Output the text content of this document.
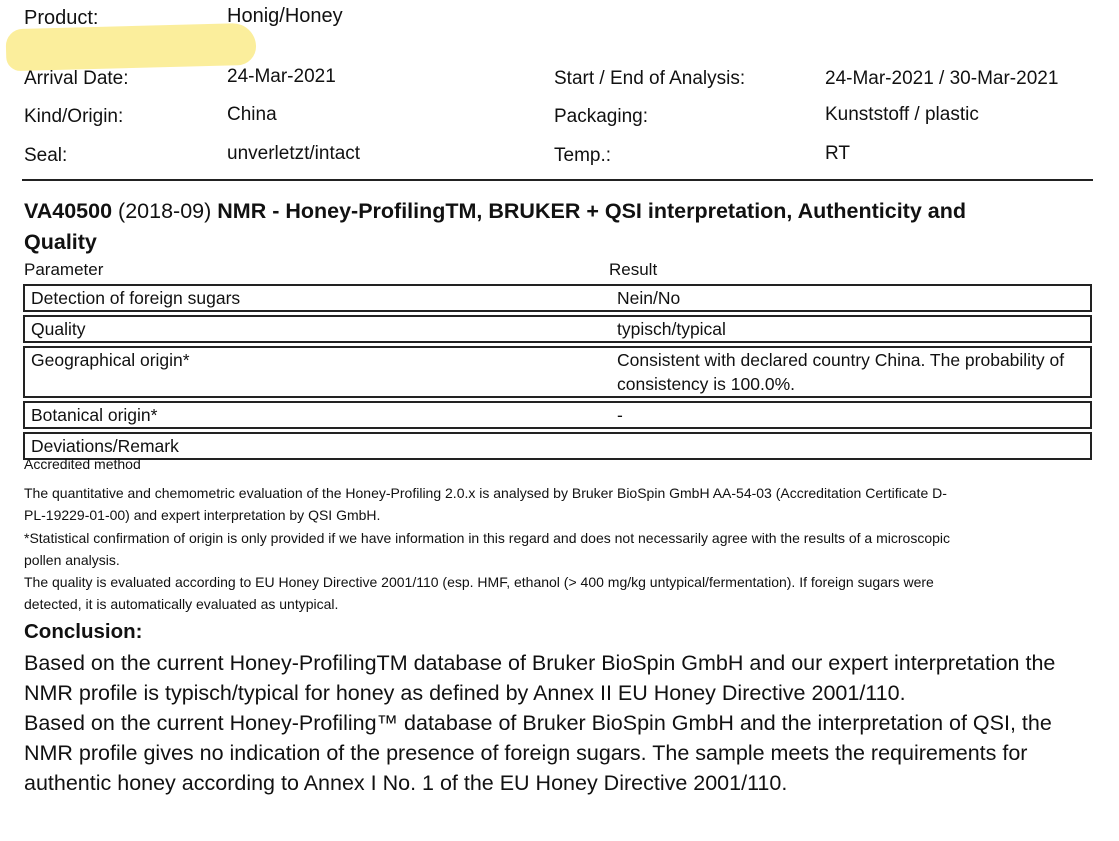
Product:	Honig/Honey
Arrival Date:	24-Mar-2021
Kind/Origin:	China
Seal:	unverletzt/intact
Start / End of Analysis:	24-Mar-2021 / 30-Mar-2021
Packaging:	Kunststoff / plastic
Temp.:	RT
VA40500 (2018-09) NMR - Honey-ProfilingTM, BRUKER + QSI interpretation, Authenticity and Quality
Parameter	Result
Detection of foreign sugars	Nein/No
Quality	typisch/typical
Geographical origin*	Consistent with declared country China. The probability of consistency is 100.0%.
Botanical origin*	-
Deviations/Remark	
Accredited method

The quantitative and chemometric evaluation of the Honey-Profiling 2.0.x is analysed by Bruker BioSpin GmbH AA-54-03 (Accreditation Certificate D-PL-19229-01-00) and expert interpretation by QSI GmbH.

*Statistical confirmation of origin is only provided if we have information in this regard and does not necessarily agree with the results of a microscopic pollen analysis.

The quality is evaluated according to EU Honey Directive 2001/110 (esp. HMF, ethanol (> 400 mg/kg untypical/fermentation). If foreign sugars were detected, it is automatically evaluated as untypical.

Conclusion:

Based on the current Honey-ProfilingTM database of Bruker BioSpin GmbH and our expert interpretation the NMR profile is typisch/typical for honey as defined by Annex II EU Honey Directive 2001/110.

Based on the current Honey-Profiling™ database of Bruker BioSpin GmbH and the interpretation of QSI, the NMR profile gives no indication of the presence of foreign sugars. The sample meets the requirements for authentic honey according to Annex I No. 1 of the EU Honey Directive 2001/110.
